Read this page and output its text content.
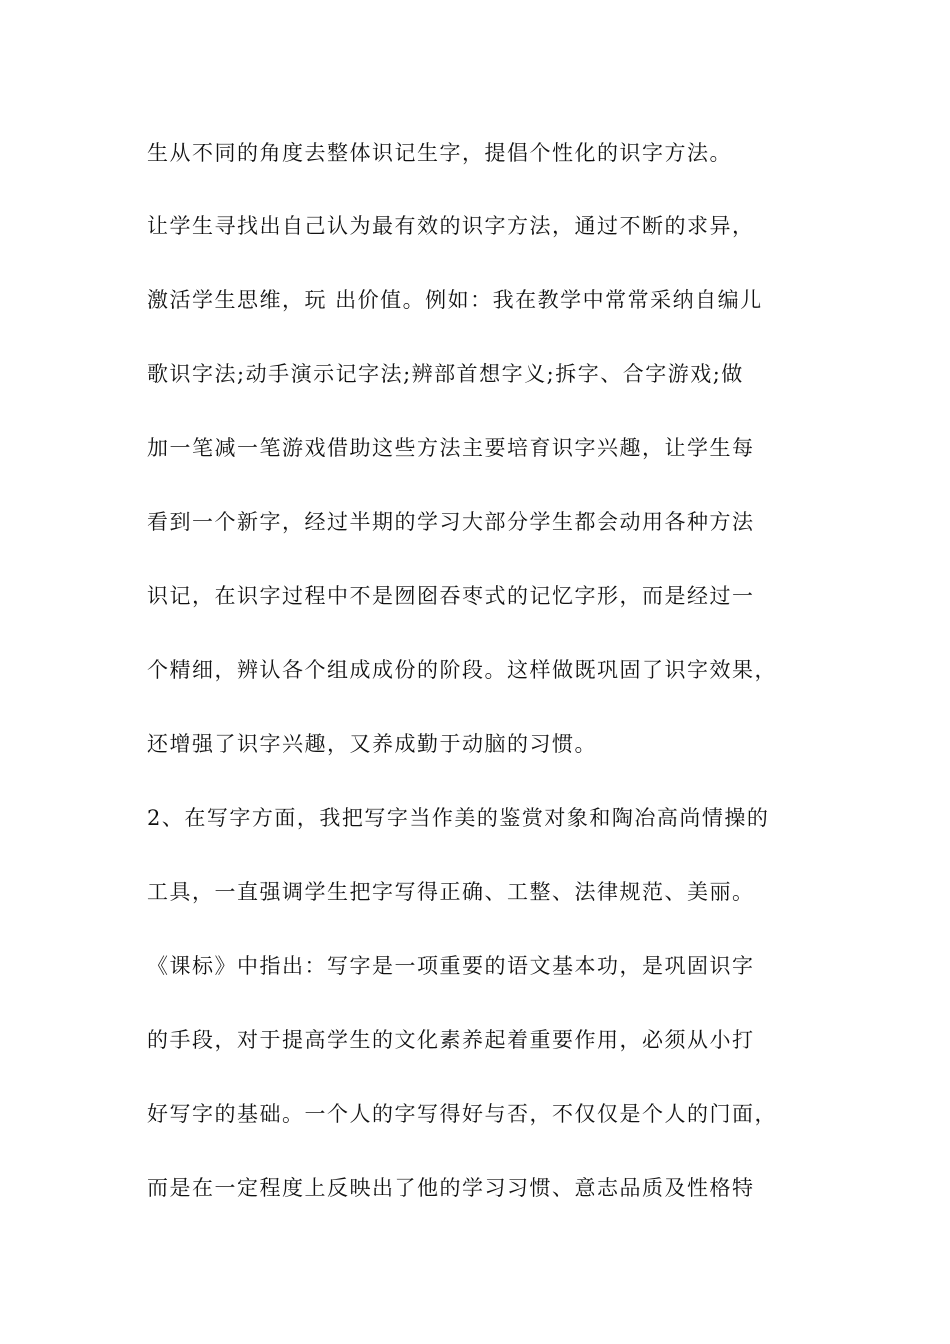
生从不同的角度去整体识记生字，提倡个性化的识字方法。
让学生寻找出自己认为最有效的识字方法，通过不断的求异，
激活学生思维，玩 出价值。例如：我在教学中常常采纳自编儿
歌识字法;动手演示记字法;辨部首想字义;拆字、合字游戏;做
加一笔减一笔游戏借助这些方法主要培育识字兴趣，让学生每
看到一个新字，经过半期的学习大部分学生都会动用各种方法
识记，在识字过程中不是囫囵吞枣式的记忆字形，而是经过一
个精细，辨认各个组成成份的阶段。这样做既巩固了识字效果，
还增强了识字兴趣，又养成勤于动脑的习惯。
2、在写字方面，我把写字当作美的鉴赏对象和陶冶高尚情操的
工具，一直强调学生把字写得正确、工整、法律规范、美丽。
《课标》中指出：写字是一项重要的语文基本功，是巩固识字
的手段，对于提高学生的文化素养起着重要作用，必须从小打
好写字的基础。一个人的字写得好与否，不仅仅是个人的门面，
而是在一定程度上反映出了他的学习习惯、意志品质及性格特
